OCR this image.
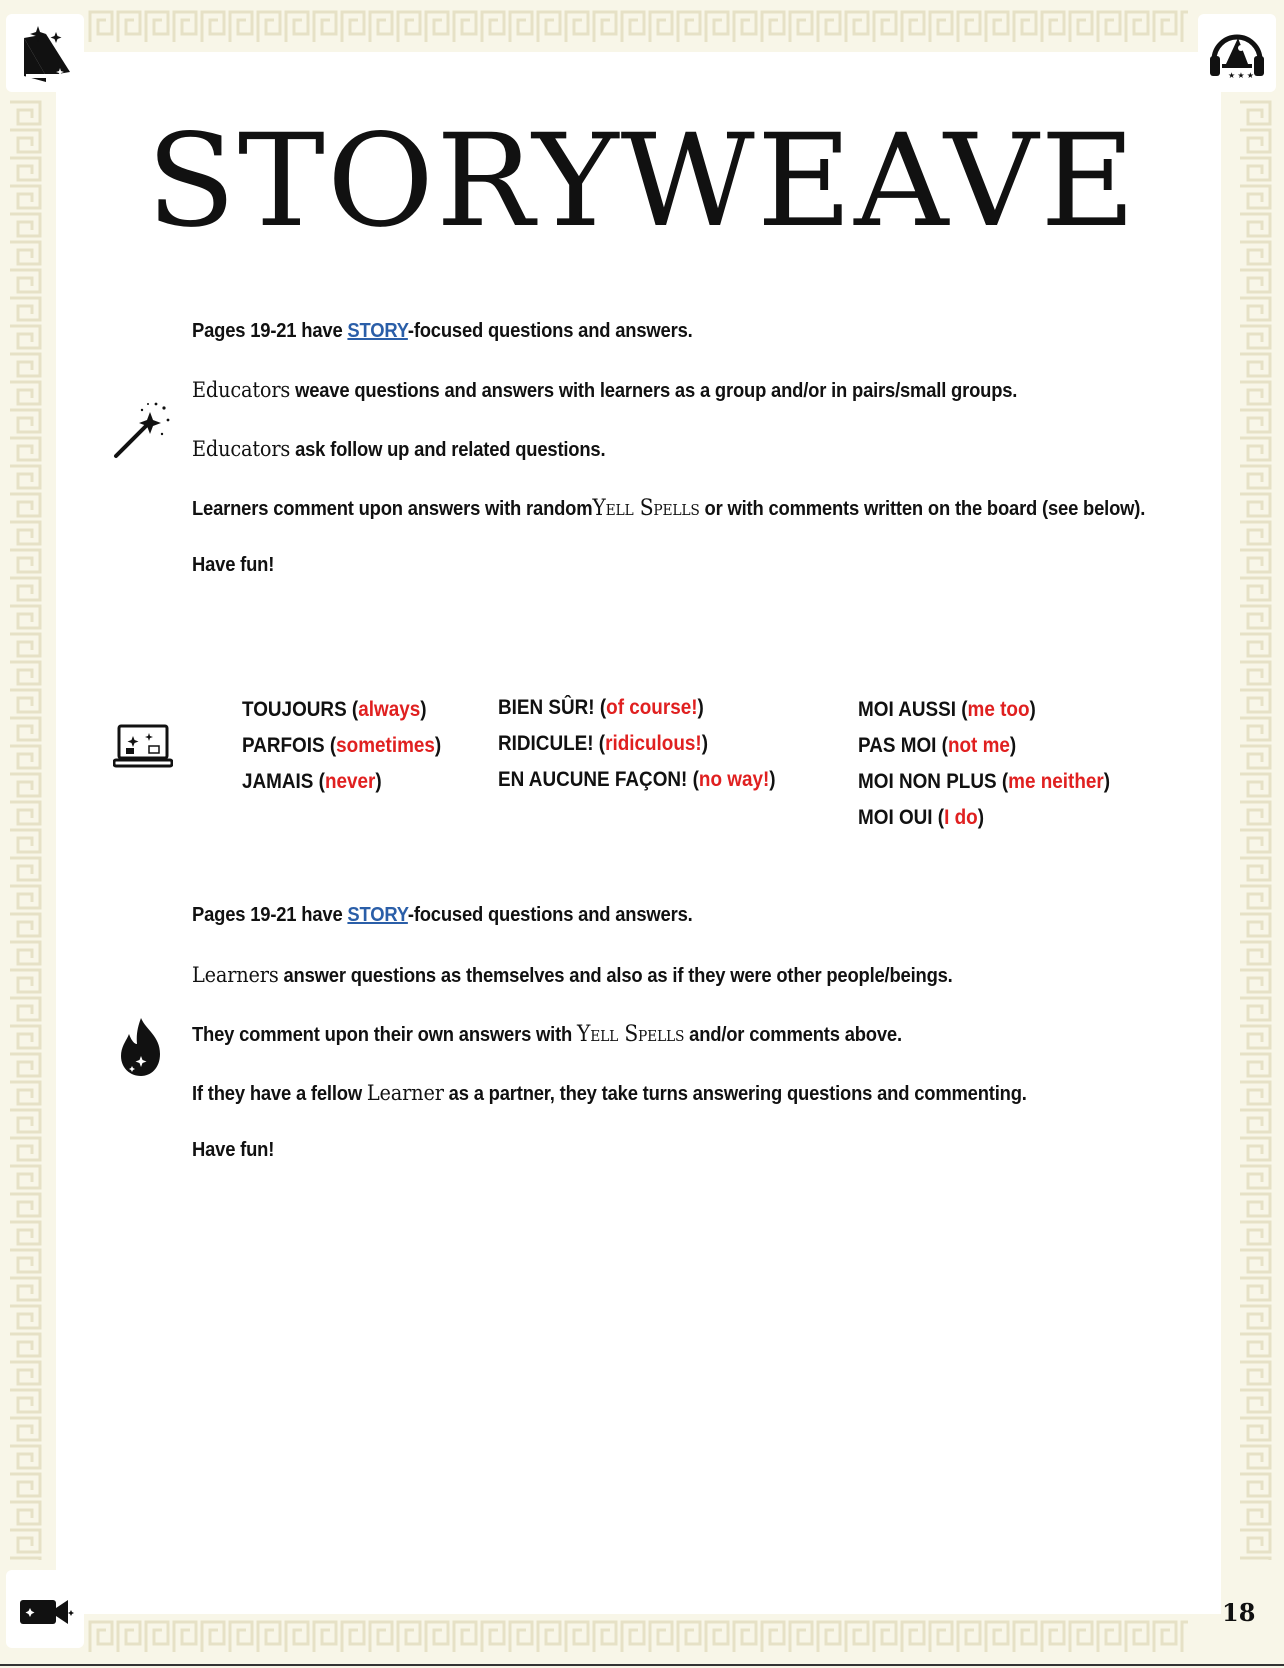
★ ★ ★
STORYWEAVE
Pages 19-21 have STORY-focused questions and answers.
Educators weave questions and answers with learners as a group and/or in pairs/small groups.
Educators ask follow up and related questions.
Learners comment upon answers with randomYell Spells or with comments written on the board (see below).
Have fun!
TOUJOURS (always)
PARFOIS (sometimes)
JAMAIS (never)
BIEN SÛR! (of course!)
RIDICULE! (ridiculous!)
EN AUCUNE FAÇON! (no way!)
MOI AUSSI (me too)
PAS MOI (not me)
MOI NON PLUS (me neither)
MOI OUI (I do)
Pages 19-21 have STORY-focused questions and answers.
Learners answer questions as themselves and also as if they were other people/beings.
They comment upon their own answers with Yell Spells and/or comments above.
If they have a fellow Learner as a partner, they take turns answering questions and commenting.
Have fun!
18
